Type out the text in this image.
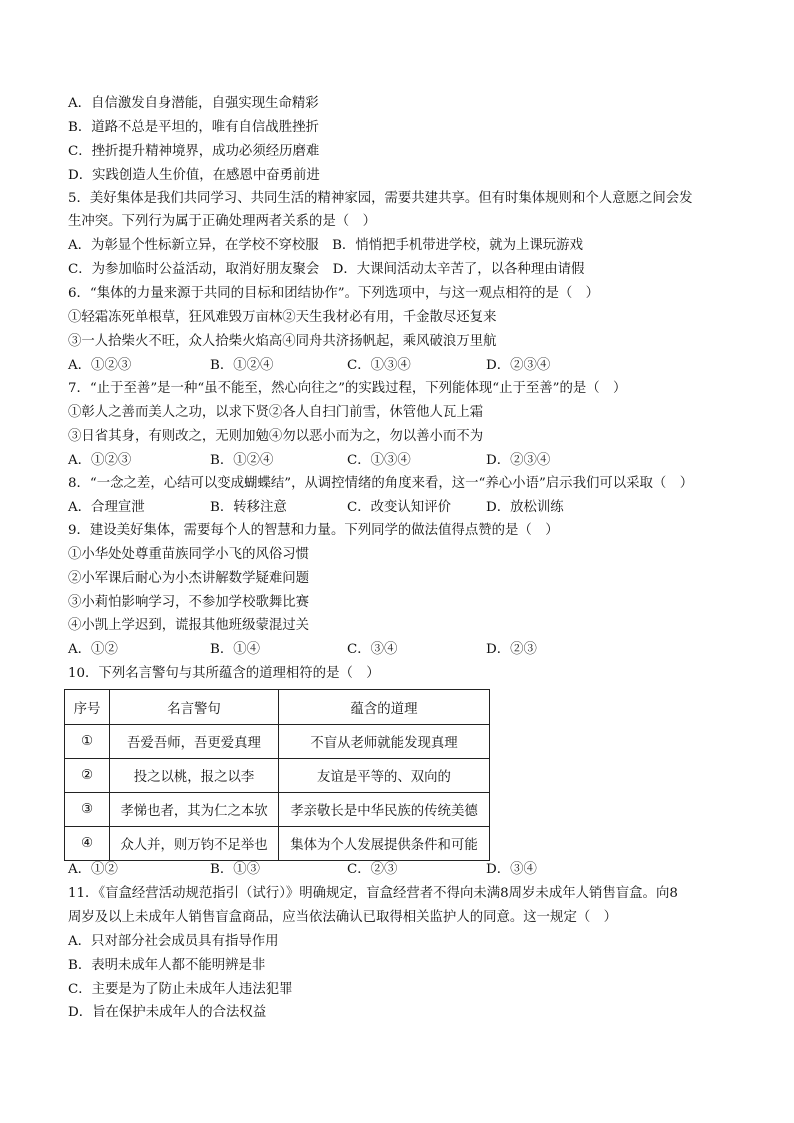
A．自信激发自身潜能，自强实现生命精彩
B．道路不总是平坦的，唯有自信战胜挫折
C．挫折提升精神境界，成功必须经历磨难
D．实践创造人生价值，在感恩中奋勇前进
5．美好集体是我们共同学习、共同生活的精神家园，需要共建共享。但有时集体规则和个人意愿之间会发
生冲突。下列行为属于正确处理两者关系的是（　）
A．为彰显个性标新立异，在学校不穿校服　B．悄悄把手机带进学校，就为上课玩游戏
C．为参加临时公益活动，取消好朋友聚会　D．大课间活动太辛苦了，以各种理由请假
6．“集体的力量来源于共同的目标和团结协作”。下列选项中，与这一观点相符的是（　）
①轻霜冻死单根草，狂风难毁万亩林②天生我材必有用，千金散尽还复来
③一人拾柴火不旺，众人拾柴火焰高④同舟共济扬帆起，乘风破浪万里航
A．①②③	B．①②④	C．①③④	D．②③④
7．“止于至善”是一种“虽不能至，然心向往之”的实践过程，下列能体现“止于至善”的是（　）
①彰人之善而美人之功，以求下贤②各人自扫门前雪，休管他人瓦上霜
③日省其身，有则改之，无则加勉④勿以恶小而为之，勿以善小而不为
A．①②③	B．①②④	C．①③④	D．②③④
8．“一念之差，心结可以变成蝴蝶结”，从调控情绪的角度来看，这一“养心小语”启示我们可以采取（　）
A．合理宣泄	B．转移注意	C．改变认知评价	D．放松训练
9．建设美好集体，需要每个人的智慧和力量。下列同学的做法值得点赞的是（　）
①小华处处尊重苗族同学小飞的风俗习惯
②小军课后耐心为小杰讲解数学疑难问题
③小莉怕影响学习，不参加学校歌舞比赛
④小凯上学迟到，谎报其他班级蒙混过关
A．①②	B．①④	C．③④	D．②③
10．下列名言警句与其所蕴含的道理相符的是（　）
序号	名言警句	蕴含的道理
①	吾爱吾师，吾更爱真理	不盲从老师就能发现真理
②	投之以桃，报之以李	友谊是平等的、双向的
③	孝悌也者，其为仁之本欤	孝亲敬长是中华民族的传统美德
④	众人并，则万钧不足举也	集体为个人发展提供条件和可能
A．①②	B．①③	C．②③	D．③④
11．《盲盒经营活动规范指引（试行）》明确规定，盲盒经营者不得向未满8周岁未成年人销售盲盒。向8
周岁及以上未成年人销售盲盒商品，应当依法确认已取得相关监护人的同意。这一规定（　）
A．只对部分社会成员具有指导作用
B．表明未成年人都不能明辨是非
C．主要是为了防止未成年人违法犯罪
D．旨在保护未成年人的合法权益
